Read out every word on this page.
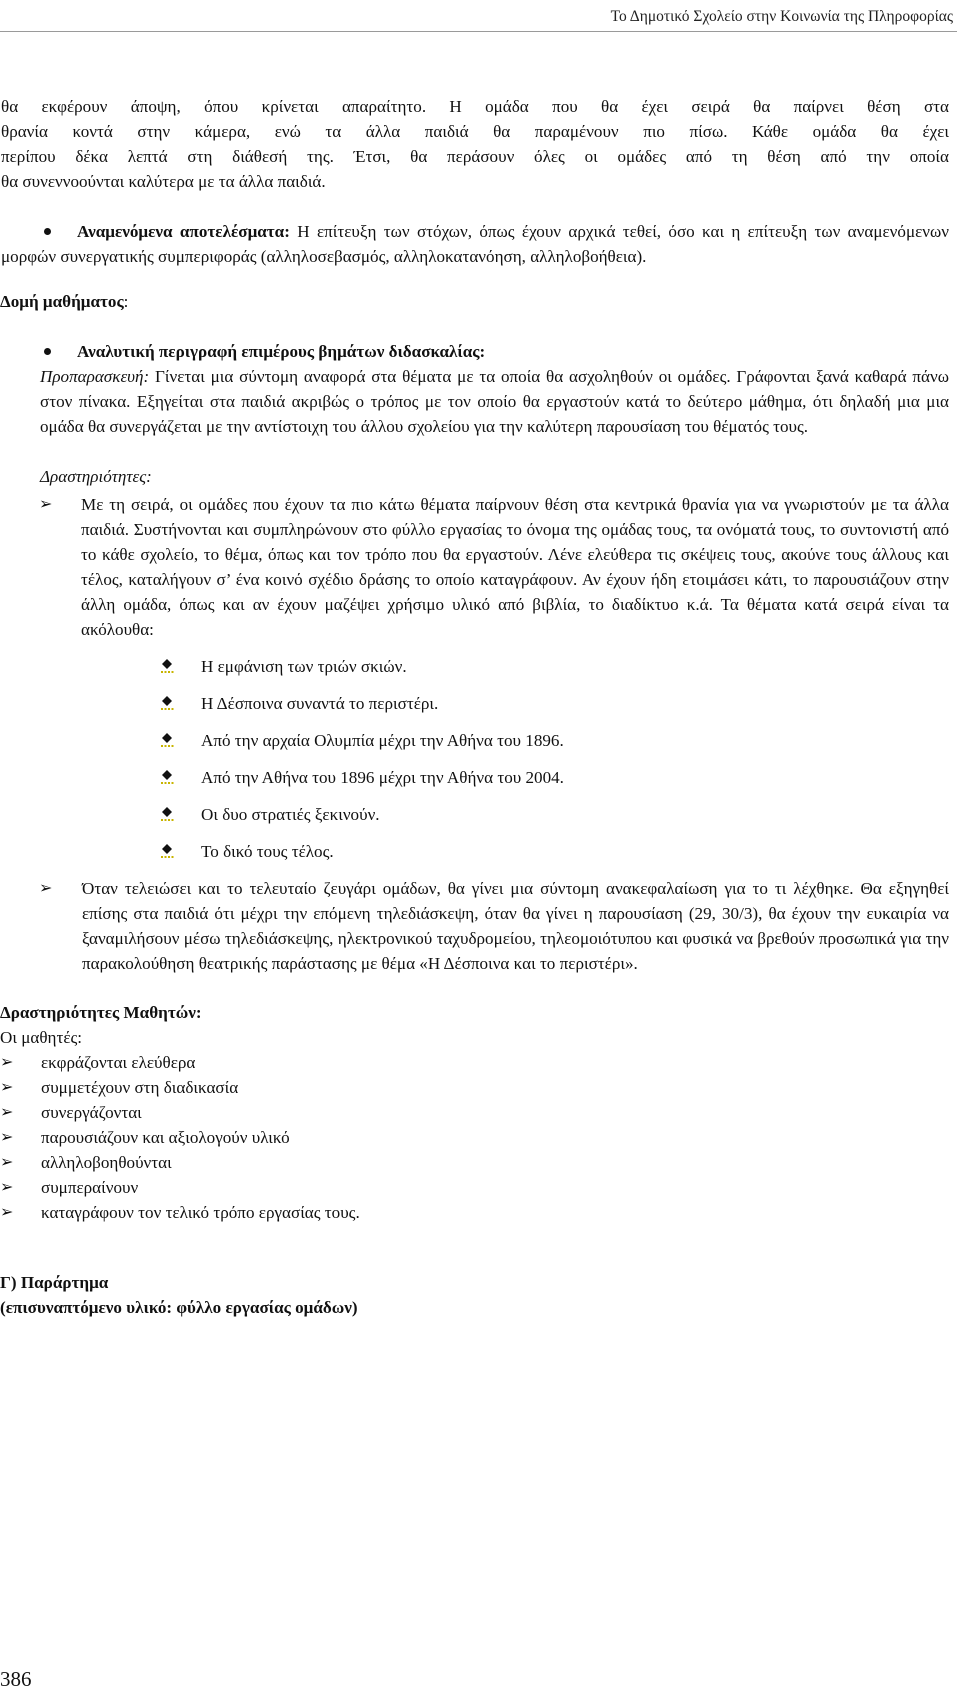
Το Δημοτικό Σχολείο στην Κοινωνία της Πληροφορίας
θα εκφέρουν άποψη, όπου κρίνεται απαραίτητο. Η ομάδα που θα έχει σειρά θα παίρνει θέση στα
θρανία κοντά στην κάμερα, ενώ τα άλλα παιδιά θα παραμένουν πιο πίσω. Κάθε ομάδα θα έχει
περίπου δέκα λεπτά στη διάθεσή της. Έτσι, θα περάσουν όλες οι ομάδες από τη θέση από την οποία
θα συνεννοούνται καλύτερα με τα άλλα παιδιά.
Αναμενόμενα αποτελέσματα: Η επίτευξη των στόχων, όπως έχουν αρχικά τεθεί, όσο και η επίτευξη των αναμενόμενων μορφών συνεργατικής συμπεριφοράς (αλληλοσεβασμός, αλληλοκατανόηση, αλληλοβοήθεια).
Δομή μαθήματος:
Αναλυτική περιγραφή επιμέρους βημάτων διδασκαλίας:
Προπαρασκευή: Γίνεται μια σύντομη αναφορά στα θέματα με τα οποία θα ασχοληθούν οι ομάδες. Γράφονται ξανά καθαρά πάνω στον πίνακα. Εξηγείται στα παιδιά ακριβώς ο τρόπος με τον οποίο θα εργαστούν κατά το δεύτερο μάθημα, ότι δηλαδή μια μια ομάδα θα συνεργάζεται με την αντίστοιχη του άλλου σχολείου για την καλύτερη παρουσίαση του θέματός τους.
Δραστηριότητες:
➢ Με τη σειρά, οι ομάδες που έχουν τα πιο κάτω θέματα παίρνουν θέση στα κεντρικά θρανία για να γνωριστούν με τα άλλα παιδιά. Συστήνονται και συμπληρώνουν στο φύλλο εργασίας το όνομα της ομάδας τους, τα ονόματά τους, το συντονιστή από το κάθε σχολείο, το θέμα, όπως και τον τρόπο που θα εργαστούν. Λένε ελεύθερα τις σκέψεις τους, ακούνε τους άλλους και τέλος, καταλήγουν σ’ ένα κοινό σχέδιο δράσης το οποίο καταγράφουν. Αν έχουν ήδη ετοιμάσει κάτι, το παρουσιάζουν στην άλλη ομάδα, όπως και αν έχουν μαζέψει χρήσιμο υλικό από βιβλία, το διαδίκτυο κ.ά. Τα θέματα κατά σειρά είναι τα ακόλουθα:
Η εμφάνιση των τριών σκιών.
Η Δέσποινα συναντά το περιστέρι.
Από την αρχαία Ολυμπία μέχρι την Αθήνα του 1896.
Από την Αθήνα του 1896 μέχρι την Αθήνα του 2004.
Οι δυο στρατιές ξεκινούν.
Το δικό τους τέλος.
➢ Όταν τελειώσει και το τελευταίο ζευγάρι ομάδων, θα γίνει μια σύντομη ανακεφαλαίωση για το τι λέχθηκε. Θα εξηγηθεί επίσης στα παιδιά ότι μέχρι την επόμενη τηλεδιάσκεψη, όταν θα γίνει η παρουσίαση (29, 30/3), θα έχουν την ευκαιρία να ξαναμιλήσουν μέσω τηλεδιάσκεψης, ηλεκτρονικού ταχυδρομείου, τηλεομοιότυπου και φυσικά να βρεθούν προσωπικά για την παρακολούθηση θεατρικής παράστασης με θέμα «Η Δέσποινα και το περιστέρι».
Δραστηριότητες Μαθητών:
Οι μαθητές:
➢ εκφράζονται ελεύθερα
➢ συμμετέχουν στη διαδικασία
➢ συνεργάζονται
➢ παρουσιάζουν και αξιολογούν υλικό
➢ αλληλοβοηθούνται
➢ συμπεραίνουν
➢ καταγράφουν τον τελικό τρόπο εργασίας τους.
Γ) Παράρτημα
(επισυναπτόμενο υλικό: φύλλο εργασίας ομάδων)
386
